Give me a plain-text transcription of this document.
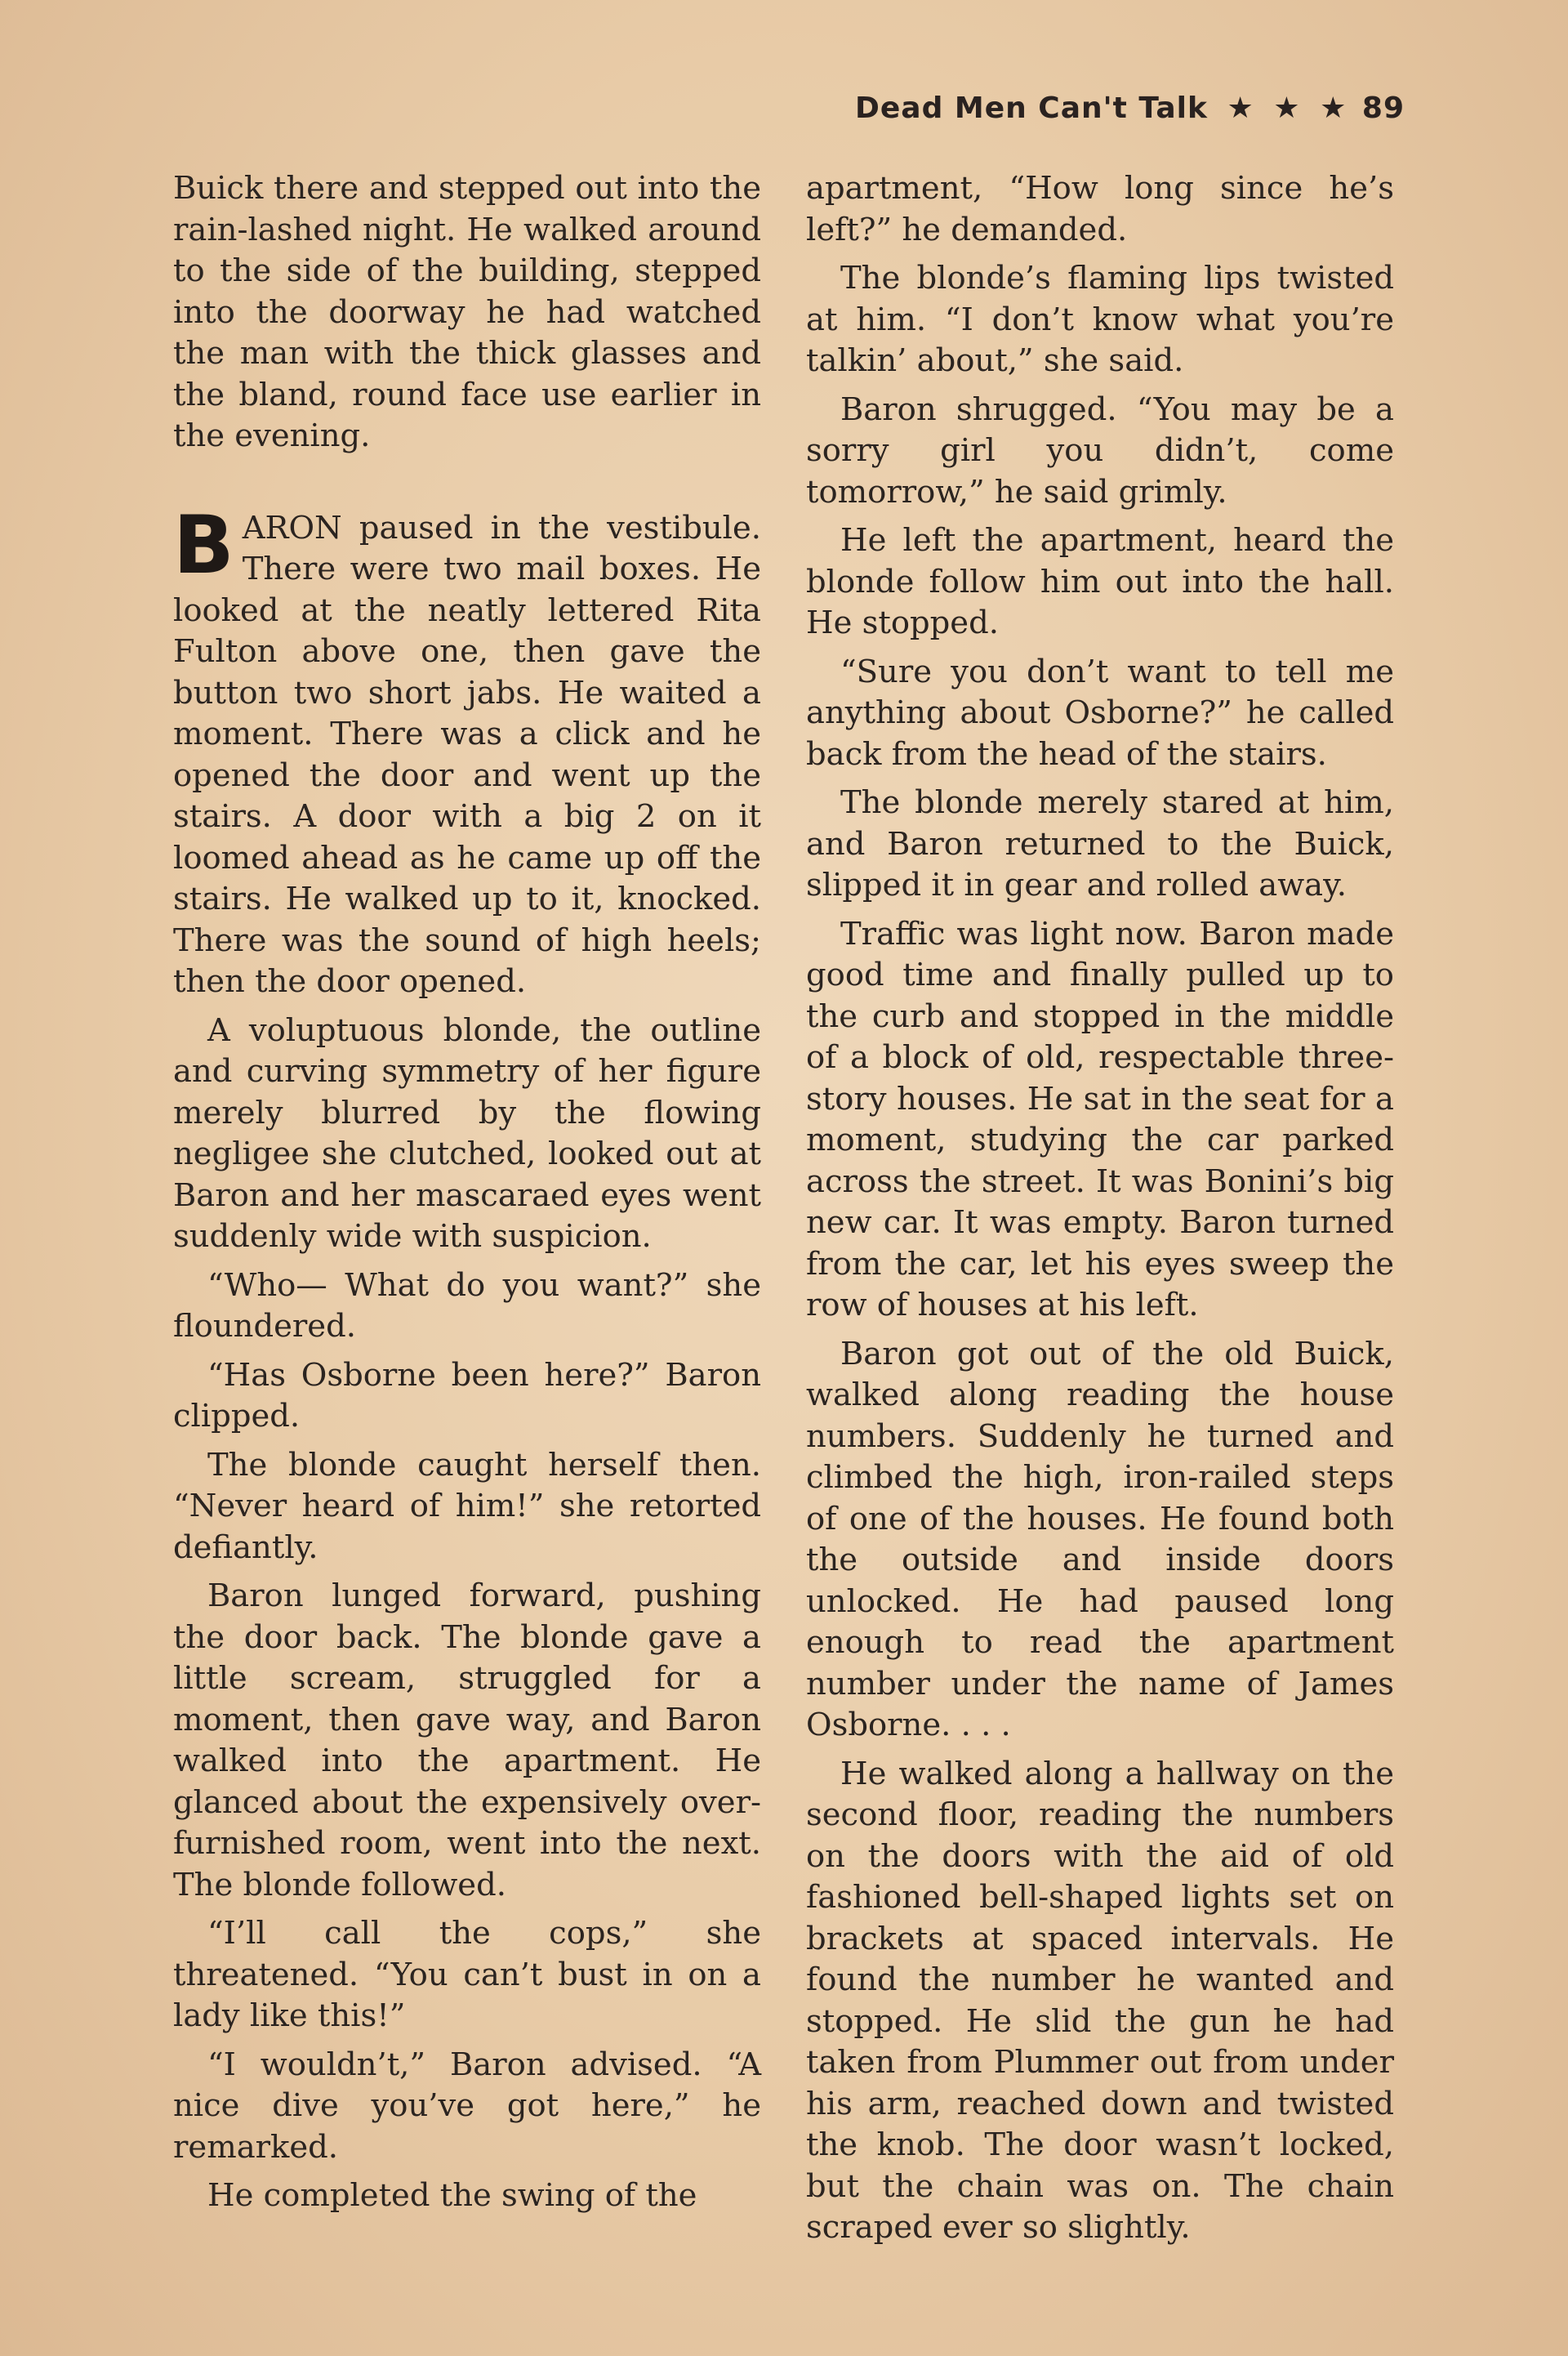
Dead Men Can't Talk ★ ★ ★ 89

Buick there and stepped out into the rain-lashed night. He walked around to the side of the building, stepped into the doorway he had watched the man with the thick glasses and the bland, round face use earlier in the evening.

BARON paused in the vestibule. There were two mail boxes. He looked at the neatly lettered Rita Fulton above one, then gave the button two short jabs. He waited a moment. There was a click and he opened the door and went up the stairs. A door with a big 2 on it loomed ahead as he came up off the stairs. He walked up to it, knocked. There was the sound of high heels; then the door opened.

A voluptuous blonde, the outline and curving symmetry of her figure merely blurred by the flowing negligee she clutched, looked out at Baron and her mascaraed eyes went suddenly wide with suspicion.

“Who— What do you want?” she floundered.

“Has Osborne been here?” Baron clipped.

The blonde caught herself then. “Never heard of him!” she retorted defiantly.

Baron lunged forward, pushing the door back. The blonde gave a little scream, struggled for a moment, then gave way, and Baron walked into the apartment. He glanced about the expensively over-furnished room, went into the next. The blonde followed.

“I’ll call the cops,” she threatened. “You can’t bust in on a lady like this!”

“I wouldn’t,” Baron advised. “A nice dive you’ve got here,” he remarked.

He completed the swing of the

apartment, “How long since he’s left?” he demanded.

The blonde’s flaming lips twisted at him. “I don’t know what you’re talkin’ about,” she said.

Baron shrugged. “You may be a sorry girl you didn’t, come tomorrow,” he said grimly.

He left the apartment, heard the blonde follow him out into the hall. He stopped.

“Sure you don’t want to tell me anything about Osborne?” he called back from the head of the stairs.

The blonde merely stared at him, and Baron returned to the Buick, slipped it in gear and rolled away.

Traffic was light now. Baron made good time and finally pulled up to the curb and stopped in the middle of a block of old, respectable three-story houses. He sat in the seat for a moment, studying the car parked across the street. It was Bonini’s big new car. It was empty. Baron turned from the car, let his eyes sweep the row of houses at his left.

Baron got out of the old Buick, walked along reading the house numbers. Suddenly he turned and climbed the high, iron-railed steps of one of the houses. He found both the outside and inside doors unlocked. He had paused long enough to read the apartment number under the name of James Osborne. . . .

He walked along a hallway on the second floor, reading the numbers on the doors with the aid of old fashioned bell-shaped lights set on brackets at spaced intervals. He found the number he wanted and stopped. He slid the gun he had taken from Plummer out from under his arm, reached down and twisted the knob. The door wasn’t locked, but the chain was on. The chain scraped ever so slightly.
